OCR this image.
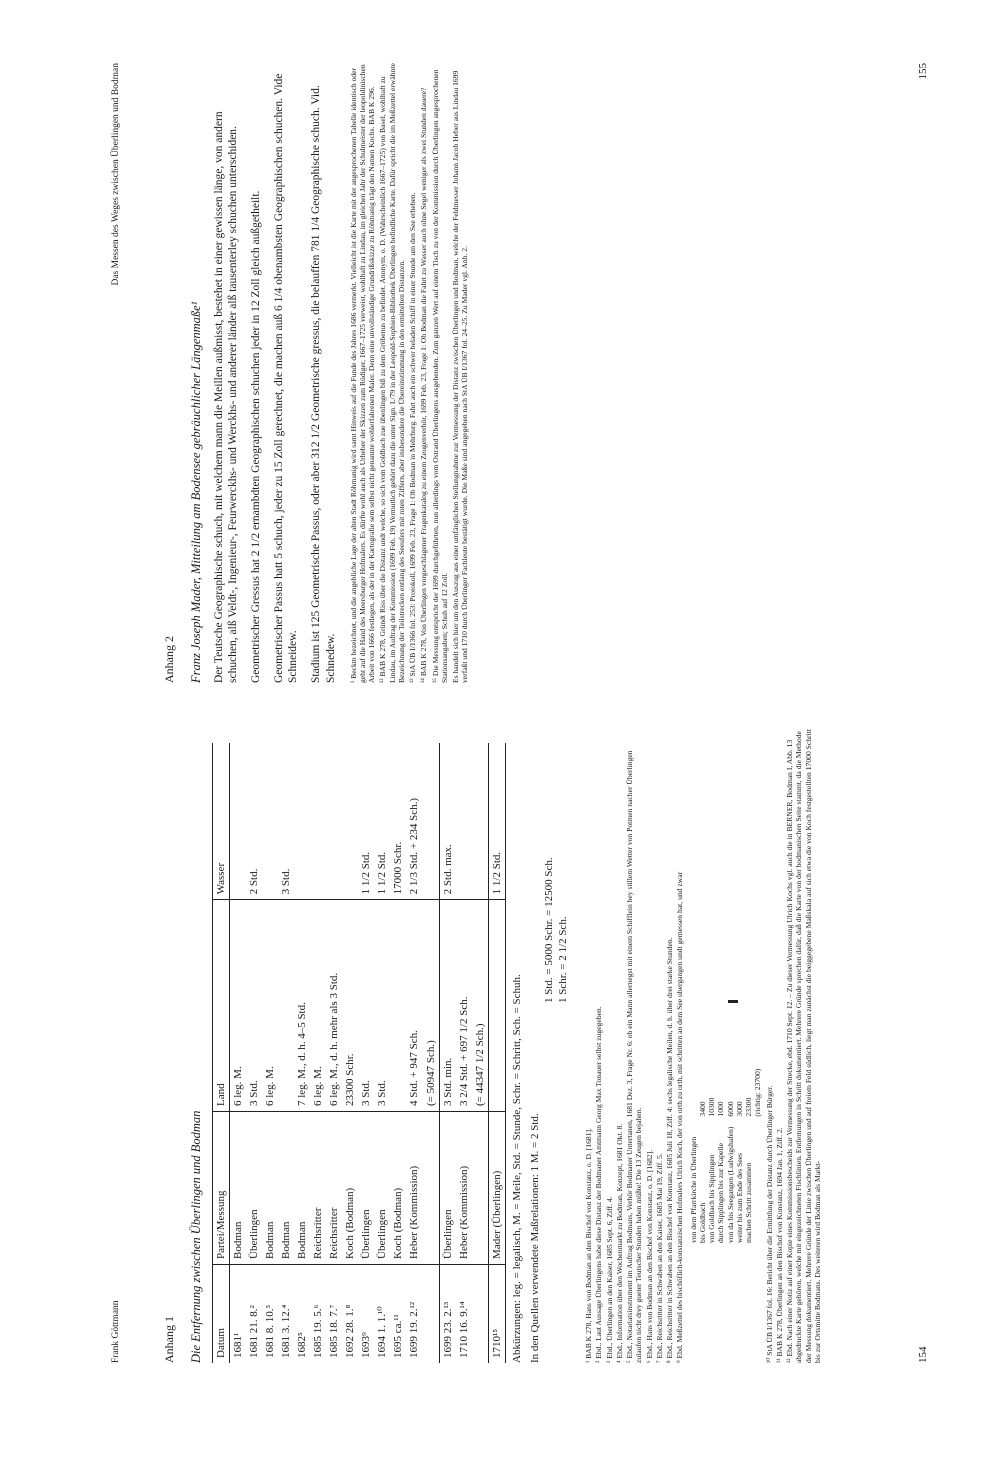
Frank Göttmann	Anhang 1 Die Entfernung zwischen Überlingen und Bodman Datum	Partei/Messung	Land	Wasser
1681¹	Bodman	6 leg. M.	
1681 21. 8.²	Überlingen	3 Std.	2 Std.
1681 8. 10.³	Bodman	6 leg. M.	
1681 3. 12.⁴	Bodman		3 Std.
1682⁵	Bodman	7 leg. M., d. h. 4–5 Std.	
1685 19. 5.⁶	Reichsritter	6 leg. M.	
1685 18. 7.⁷	Reichsritter	6 leg. M., d. h. mehr als 3 Std.	
1692 28. 1.⁸	Koch (Bodman)	23300 Schr.	
1693⁹	Überlingen	3 Std.	1 1/2 Std.
1694 1. 1.¹⁰	Überlingen	3 Std.	1 1/2 Std.
1695 ca.¹¹	Koch (Bodman)		17000 Schr.
1699 19. 2.¹²	Heber (Kommission)	4 Std. + 947 Sch.	2 1/3 Std. + 234 Sch.)
		(= 50947 Sch.)	
1699 23. 2.¹³	Überlingen	3 Std. min.	2 Std. max.
1710 16. 9.¹⁴	Heber (Kommission)	3 2/4 Std. + 697 1/2 Sch.	
		(= 44347 1/2 Sch.)	
1710¹⁵	Mader (Überlingen)		1 1/2 Std.
Abkürzungen: leg. = legalisch, M. = Meile, Std. = Stunde, Schr. = Schritt, Sch. = Schuh. In den Quellen verwendete Maßrelationen: 1 M. = 2 Std.
1 Std. = 5000 Schr. = 12500 Sch. 1 Schr. = 2 1/2 Sch.

¹ BAB K 278, Hans von Bodman an den Bischof von Konstanz, o. D. [1681]. ² Ebd., Laut Aussage Überlingens habe diese Distanz der Bodmaner Amtmann Georg Max Tonauer selbst zugegeben. ³ Ebd., Überlingen an den Kaiser, 1685 Sept. 6, Ziff. 4. ⁴ Ebd., Information über den Wochenmarkt zu Bodman, Konzept, 1681 Okt. 8. ⁵ Ebd., Notariatsinstrument im Auftrag Bodmans, Verhör Bodmaner Untertanen, 1681 Dez. 3, Frage Nr. 6: ob ein Mann allernegst mit einem Schifflein bey stillem Wetter von Potmen nacher Überlingen zulaufen nicht drey gueter Teutscher Stunden haben müßte! Die 13 Zeugen bejahen. ⁶ Ebd., Hans von Bodman an den Bischof von Konstanz, o. D. [1682]. ⁷ Ebd., Reichsritter in Schwaben an den Kaiser, 1685 Mai 19, Ziff. 5. ⁸ Ebd., Reichsritter in Schwaben an den Bischof von Konstanz, 1685 Juli 18, Ziff. 4: sechs legalische Meilen, d. h. über drei starke Stunden. ⁹ Ebd. Meßzettel des bischöflich-konstanzischen Hofmalers Ulrich Koch, der von orth zu orth, mit schritten an dem See ubergangen undt gemessen hat, und zwar von dem Pfarrkirche in Überlingen	
bis Goldbach	3400
von Goldbach bis Sipplingen	10300
durch Sipplingen bis zur Kapelle	1000
von da bis Seegangen (Ludwigshafen)	6000
weiter bis zum Ende des Sees	3000
machen Schritt zusammen	23300
	(richtig: 23700) ¹⁰ StA ÜB I/1367 fol. 16: Bericht über die Ermittlung der Distanz durch Überlinger Bürger. ¹¹ BAB K 278, Überlingen an den Bischof von Konstanz, 1694 Jan. 1, Ziff. 2. ¹² Ebd. Nach einer Notiz auf einer Kopie eines Kommissionsbescheids zur Vermessung der Strecke, ebd. 1710 Sept. 12. – Zu dieser Vermessung Ulrich Kochs vgl. auch die in BERNER, Bodman I, Abb. 13 abgedruckte Karte gehören, welche mit eingezeichneten Fischlinien. Entfernungen in Schritt dokumentiert. Mehrere Gründe sprechen dafür, daß die Karte von der bodmanischen Seite stammt, da die Methode der Messung dokumentiert. Mehrere Gründe der Linie zwischen Überlingen und auf freiem Feld südlich, liegt man zunächst die beiggegebene Maßskala auf sich etwa die von Koch festgestellten 17000 Schritt bis zur Ortsmitte Bodmans. Des weiteren wird Bodman als Markt-	154
Das Messen des Weges zwischen Überlingen und Bodman
Anhang 2 Franz Joseph Mader, Mitteilung am Bodensee gebräuchlicher Längenmaße¹ Der Teutsche Geographische schuch, mit welchem mann die Meillen außmisst, bestehet in einer gewissen länge, von andern schuchen, alß Veldt-, Ingenieur-, Feurwerckhs- und Werckhs- und anderer länder alß tausenterley schuchen unterschiden. Geometrischer Gressus hat 2 1/2 ernambdten Geographischen schuchen jeder in 12 Zoll gleich außgetheilt. Geometrischer Passus hatt 5 schuch, jeder zu 15 Zoll gerechnet, die machen auß 6 1/4 obenambsten Geographischen schuchen. Vide Schneidew. Stadium ist 125 Geometrische Passus, oder aber 312 1/2 Geometrische gressus, die belauffen 781 1/4 Geographische schuch. Vid. Schnedew. ¹ Beckm bezeichnet, und die angebliche Lage der alten Stadt Röhmanig wird samt Hinweis auf die Funde des Jahres 1686 vermerkt. Vielleicht ist die Karte mit der angesprochenen Tabelle identisch oder geht auf die Hand des Meersburger Hofmalers. Es dürfte wohl auch als Urheber der Skizzen zum Rüdiger, 1667–1725 verweist, wohlhaft zu Lindau, im gleichen Jahr der Schulmeister der leopoldinischen Arbeit von 1666 festlegen, als der in der Kartografie sem selbst nicht genannte wohlerfahrenen Maler. Denn eine unvollständige Grundrißskizze zu Röhmanig trägt den Namen Kochs. BAB K 296. ¹² BAB K 278, Gründt Riss über die Distanz undt welche, so sich vom Goldbach zue übenlingen biß zu dem Gröbenus zu befindet. Anonym, o. D. (Wahrscheinlich 1667–1725) von Basel, wohlhaft zu Lindau, im Auftrag der Kommission (1699 Feb. 19) Vermutlich gehört dazu die unter Sign. L/79 in der Leopold-Sophien-Bibliothek Überlingen befindliche Karte. Dafür spricht die im Meßzettel erwähnte Bezeichnung der Teilstrecken entlang des Seeufers mit roten Ziffern, aber insbesondere die Übereinstimmung in den ermittelten Distanzen. ¹³ StA ÜB I/1366 fol. 253: Protokoll, 1699 Feb. 23, Frage 1: Ob Bodman in Mehrburg. Fahrt auch ein schwer beladen Schiff in einer Stunde um den See erheben. ¹⁴ BAB K 278, Von Überlingen vorgeschlagener Fragenkatalog zu einem Zeugenverhör, 1699 Feb. 23, Frage 1: Ob Bodman die Fahrt zu Wasser auch ohne Segel weniger als zwei Stunden dauere? ¹⁵ Die Messung entspricht der 1699 durchgeführten, nun allerdings vom Ostrand Überlingens ausgehenden. Zum ganzen Wert auf einem Tisch zu von der Kommission durch Überlingen angesprochenen Stationsangaben; Schuh auf 12 Zoll. Es handelt sich hier um den Auszug aus einer umfänglichen Stellungnahme zur Vermessung der Distanz zwischen Überlingen und Bodman, welche der Feldmesser Johann Jacob Heber aus Lindau 1699 verfaßt und 1710 durch Überlinger Fachleute bestätigt wurde. Die Maße sind angegeben nach StA ÜB I/1367 fol. 24–25. Zu Mader vgl. Anh. 2.

155
